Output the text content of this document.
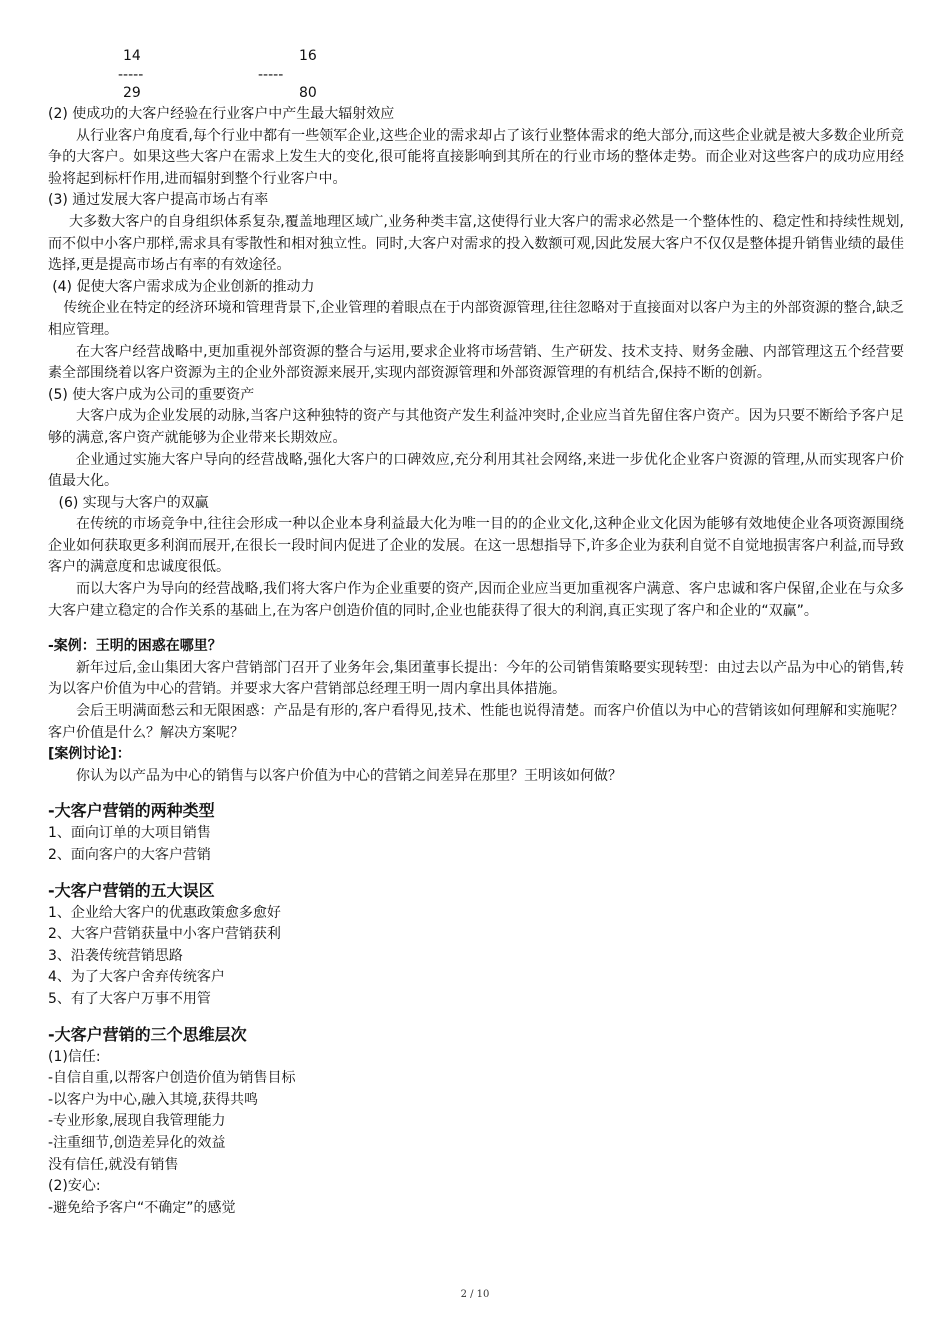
14
-----
29
16
-----
80

(2) 使成功的大客户经验在行业客户中产生最大辐射效应

从行业客户角度看,每个行业中都有一些领军企业,这些企业的需求却占了该行业整体需求的绝大部分,而这些企业就是被大多数企业所竞争的大客户。如果这些大客户在需求上发生大的变化,很可能将直接影响到其所在的行业市场的整体走势。而企业对这些客户的成功应用经验将起到标杆作用,进而辐射到整个行业客户中。

(3) 通过发展大客户提高市场占有率

大多数大客户的自身组织体系复杂,覆盖地理区域广,业务种类丰富,这使得行业大客户的需求必然是一个整体性的、稳定性和持续性规划,而不似中小客户那样,需求具有零散性和相对独立性。同时,大客户对需求的投入数额可观,因此发展大客户不仅仅是整体提升销售业绩的最佳选择,更是提高市场占有率的有效途径。

(4) 促使大客户需求成为企业创新的推动力

传统企业在特定的经济环境和管理背景下,企业管理的着眼点在于内部资源管理,往往忽略对于直接面对以客户为主的外部资源的整合,缺乏相应管理。

在大客户经营战略中,更加重视外部资源的整合与运用,要求企业将市场营销、生产研发、技术支持、财务金融、内部管理这五个经营要素全部围绕着以客户资源为主的企业外部资源来展开,实现内部资源管理和外部资源管理的有机结合,保持不断的创新。

(5) 使大客户成为公司的重要资产

大客户成为企业发展的动脉,当客户这种独特的资产与其他资产发生利益冲突时,企业应当首先留住客户资产。因为只要不断给予客户足够的满意,客户资产就能够为企业带来长期效应。

企业通过实施大客户导向的经营战略,强化大客户的口碑效应,充分利用其社会网络,来进一步优化企业客户资源的管理,从而实现客户价值最大化。

(6) 实现与大客户的双赢

在传统的市场竞争中,往往会形成一种以企业本身利益最大化为唯一目的的企业文化,这种企业文化因为能够有效地使企业各项资源围绕企业如何获取更多利润而展开,在很长一段时间内促进了企业的发展。在这一思想指导下,许多企业为获利自觉不自觉地损害客户利益,而导致客户的满意度和忠诚度很低。

而以大客户为导向的经营战略,我们将大客户作为企业重要的资产,因而企业应当更加重视客户满意、客户忠诚和客户保留,企业在与众多大客户建立稳定的合作关系的基础上,在为客户创造价值的同时,企业也能获得了很大的利润,真正实现了客户和企业的“双赢”。

-案例：王明的困惑在哪里？

新年过后,金山集团大客户营销部门召开了业务年会,集团董事长提出：今年的公司销售策略要实现转型：由过去以产品为中心的销售,转为以客户价值为中心的营销。并要求大客户营销部总经理王明一周内拿出具体措施。

会后王明满面愁云和无限困惑：产品是有形的,客户看得见,技术、性能也说得清楚。而客户价值以为中心的营销该如何理解和实施呢？客户价值是什么？解决方案呢？

[案例讨论]：

你认为以产品为中心的销售与以客户价值为中心的营销之间差异在那里？王明该如何做？

-大客户营销的两种类型

1、面向订单的大项目销售

2、面向客户的大客户营销

-大客户营销的五大误区

1、企业给大客户的优惠政策愈多愈好

2、大客户营销获量中小客户营销获利

3、沿袭传统营销思路

4、为了大客户舍弃传统客户

5、有了大客户万事不用管

-大客户营销的三个思维层次

(1)信任:

-自信自重,以帮客户创造价值为销售目标

-以客户为中心,融入其境,获得共鸣

-专业形象,展现自我管理能力

-注重细节,创造差异化的效益

没有信任,就没有销售

(2)安心:

-避免给予客户“不确定”的感觉

2 / 10
